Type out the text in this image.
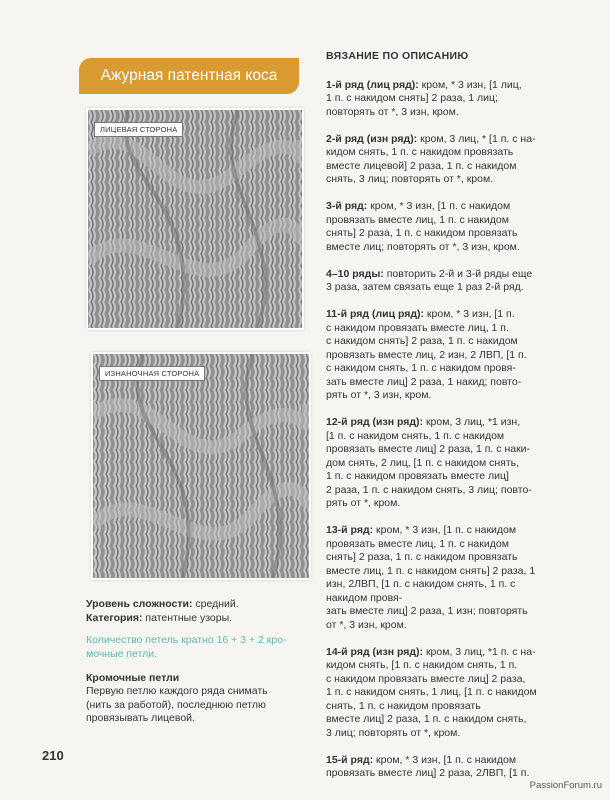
Ажурная патентная коса
ЛИЦЕВАЯ СТОРОНА
ИЗНАНОЧНАЯ СТОРОНА
Уровень сложности: средний.
Категория: патентные узоры.
Количество петель кратно 16 + 3 + 2 кро-
мочные петли.
Кромочные петли
Первую петлю каждого ряда снимать
(нить за работой), последнюю петлю
провязывать лицевой.
210
ВЯЗАНИЕ ПО ОПИСАНИЮ
1-й ряд (лиц ряд): кром, * 3 изн, [1 лиц,
1 п. с накидом снять] 2 раза, 1 лиц;
повторять от *, 3 изн, кром.
2-й ряд (изн ряд): кром, 3 лиц, * [1 п. с на-
кидом снять, 1 п. с накидом провязать
вместе лицевой] 2 раза, 1 п. с накидом
снять, 3 лиц; повторять от *, кром.
3-й ряд: кром, * 3 изн, [1 п. с накидом
провязать вместе лиц, 1 п. с накидом
снять] 2 раза, 1 п. с накидом провязать
вместе лиц; повторять от *, 3 изн, кром.
4–10 ряды: повторить 2-й и 3-й ряды еще
3 раза, затем связать еще 1 раз 2-й ряд.
11-й ряд (лиц ряд): кром, * 3 изн, [1 п.
с накидом провязать вместе лиц, 1 п.
с накидом снять] 2 раза, 1 п. с накидом
провязать вместе лиц, 2 изн, 2 ЛВП, [1 п.
с накидом снять, 1 п. с накидом провя-
зать вместе лиц] 2 раза, 1 накид; повто-
рять от *, 3 изн, кром.
12-й ряд (изн ряд): кром, 3 лиц, *1 изн,
[1 п. с накидом снять, 1 п. с накидом
провязать вместе лиц] 2 раза, 1 п. с наки-
дом снять, 2 лиц, [1 п. с накидом снять,
1 п. с накидом провязать вместе лиц]
2 раза, 1 п. с накидом снять, 3 лиц; повто-
рять от *, кром.
13-й ряд: кром, * 3 изн, [1 п. с накидом
провязать вместе лиц, 1 п. с накидом
снять] 2 раза, 1 п. с накидом провязать
вместе лиц, 1 п. с накидом снять] 2 раза, 1 изн, 2ЛВП, [1 п. с накидом снять, 1 п. с накидом провя-
зать вместе лиц] 2 раза, 1 изн; повторять
от *, 3 изн, кром.
14-й ряд (изн ряд): кром, 3 лиц, *1 п. с на-
кидом снять, [1 п. с накидом снять, 1 п.
с накидом провязать вместе лиц] 2 раза,
1 п. с накидом снять, 1 лиц, [1 п. с накидом
снять, 1 п. с накидом провязать
вместе лиц] 2 раза, 1 п. с накидом снять,
3 лиц; повторять от *, кром.
15-й ряд: кром, * 3 изн, [1 п. с накидом
провязать вместе лиц] 2 раза, 2ЛВП, [1 п.
PassionForum.ru
